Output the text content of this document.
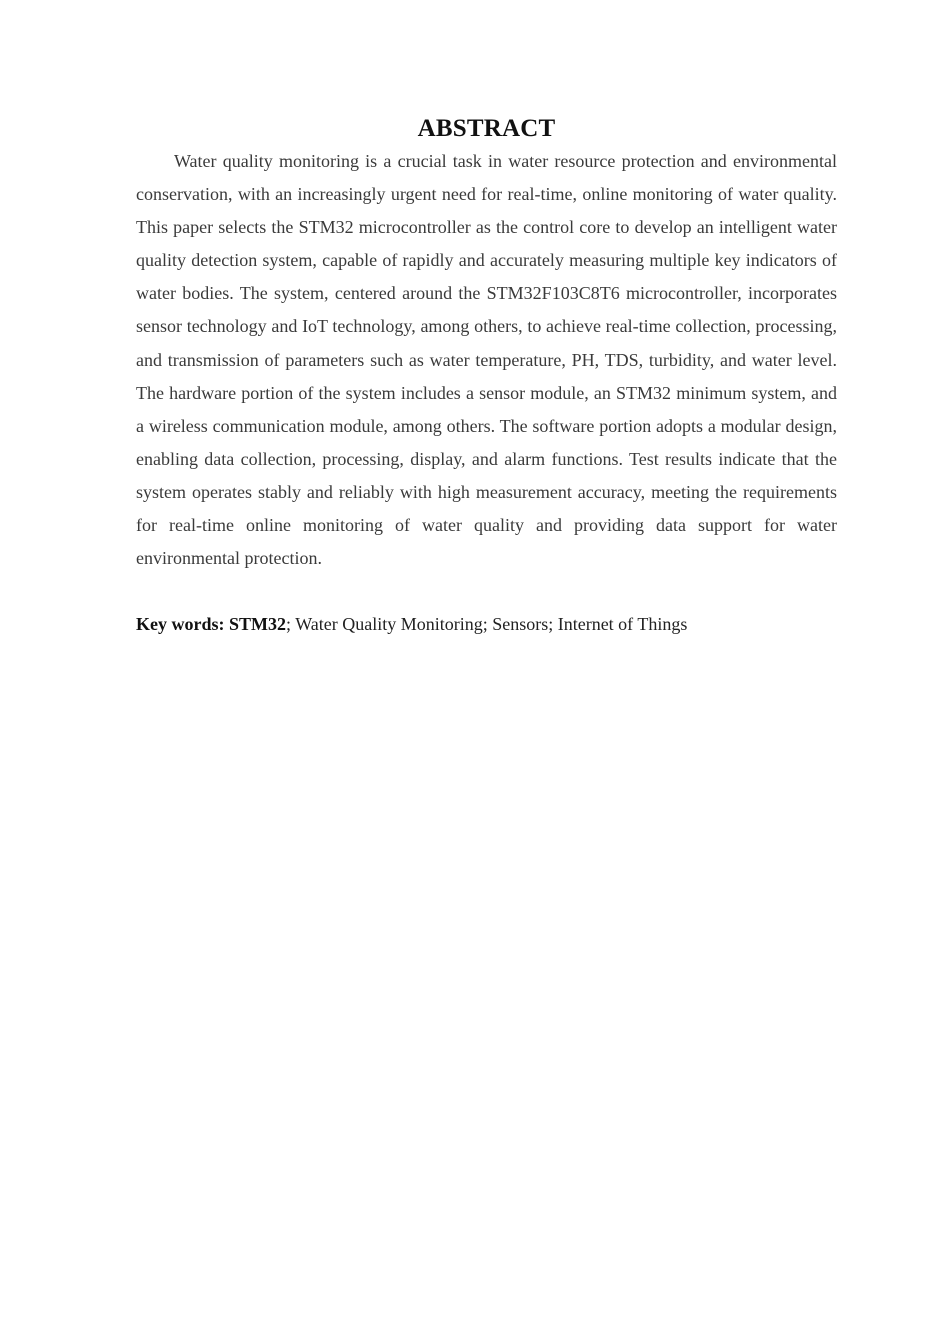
ABSTRACT

Water quality monitoring is a crucial task in water resource protection and environmental conservation, with an increasingly urgent need for real-time, online monitoring of water quality. This paper selects the STM32 microcontroller as the control core to develop an intelligent water quality detection system, capable of rapidly and accurately measuring multiple key indicators of water bodies. The system, centered around the STM32F103C8T6 microcontroller, incorporates sensor technology and IoT technology, among others, to achieve real-time collection, processing, and transmission of parameters such as water temperature, PH, TDS, turbidity, and water level. The hardware portion of the system includes a sensor module, an STM32 minimum system, and a wireless communication module, among others. The software portion adopts a modular design, enabling data collection, processing, display, and alarm functions. Test results indicate that the system operates stably and reliably with high measurement accuracy, meeting the requirements for real-time online monitoring of water quality and providing data support for water environmental protection.

Key words: STM32; Water Quality Monitoring; Sensors; Internet of Things
